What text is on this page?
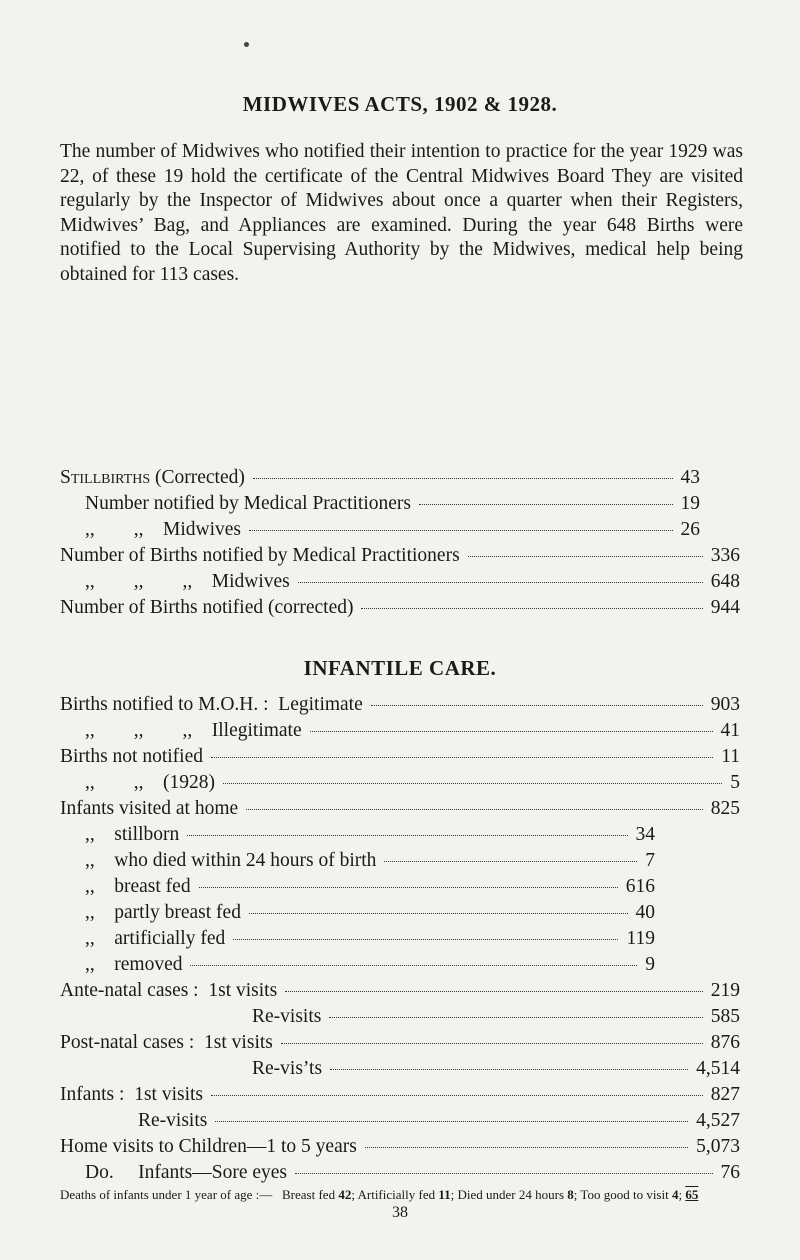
MIDWIVES ACTS, 1902 & 1928.

The number of Midwives who notified their intention to practice for the year 1929 was 22, of these 19 hold the certificate of the Central Midwives Board They are visited regularly by the Inspector of Midwives about once a quarter when their Registers, Midwives’ Bag, and Appliances are examined. During the year 648 Births were notified to the Local Supervising Authority by the Midwives, medical help being obtained for 113 cases.

Stillbirths (Corrected)	43
Number notified by Medical Practitioners	19
,,        ,,    Midwives	26
Number of Births notified by Medical Practitioners	336
,,        ,,        ,,    Midwives	648
Number of Births notified (corrected)	944
INFANTILE CARE.
Births notified to M.O.H. :  Legitimate	903
,,        ,,        ,,    Illegitimate	41
Births not notified	11
,,        ,,    (1928)	5
Infants visited at home	825
,,    stillborn	34
,,    who died within 24 hours of birth	7
,,    breast fed	616
,,    partly breast fed	40
,,    artificially fed	119
,,    removed	9
Ante-natal cases :  1st visits	219
Re-visits	585
Post-natal cases :  1st visits	876
Re-vis’ts	4,514
Infants :  1st visits	827
Re-visits	4,527
Home visits to Children—1 to 5 years	5,073
Do.     Infants—Sore eyes	76
Deaths of infants under 1 year of age :— Breast fed 42; Artificially fed 11; Died under 24 hours 8; Too good to visit 4; 65
38
